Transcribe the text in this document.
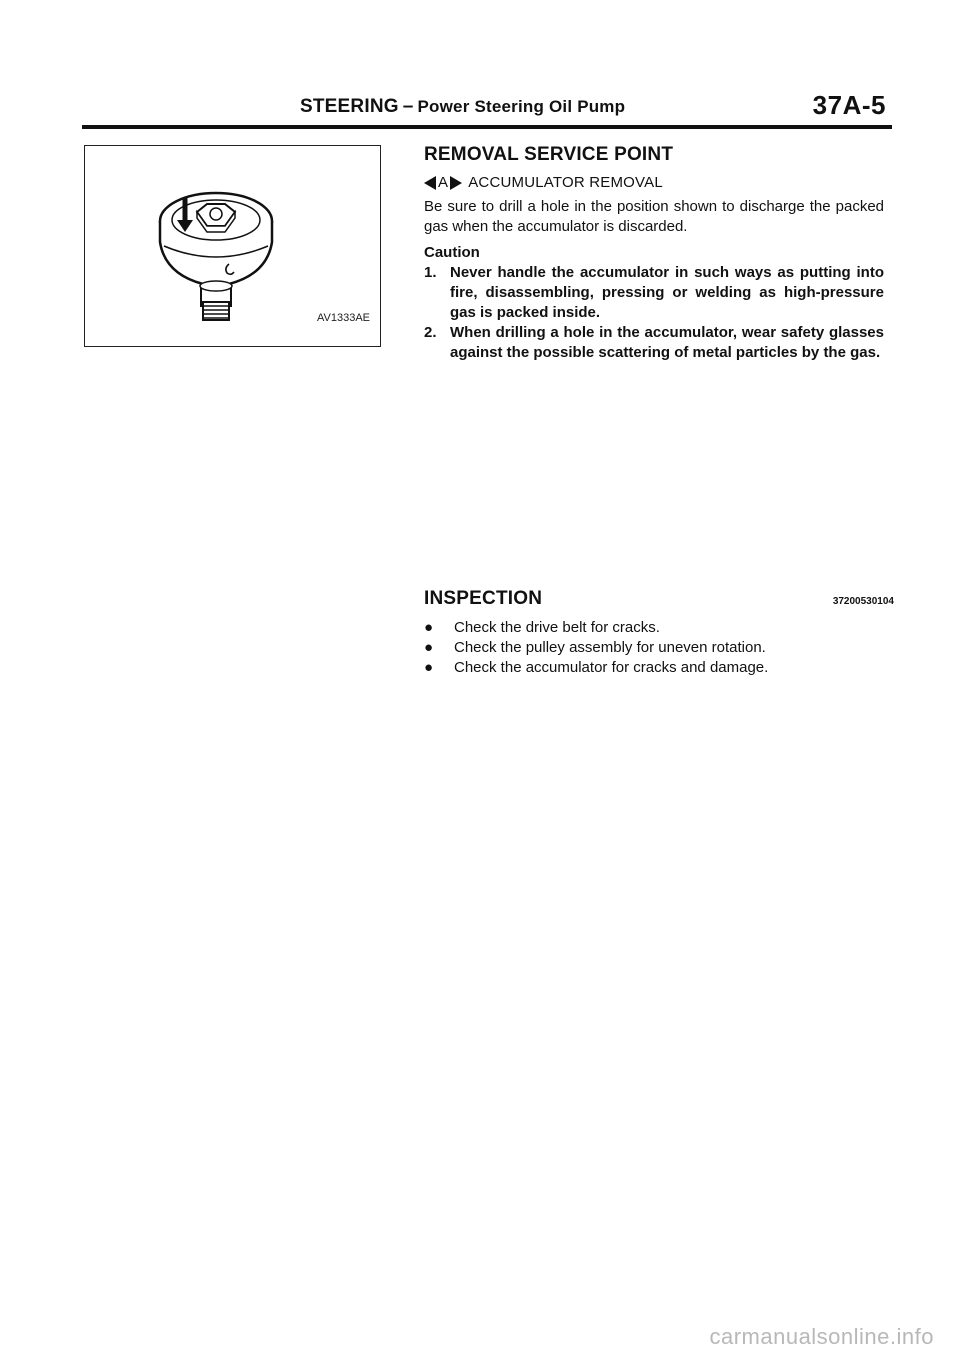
STEERING – Power Steering Oil Pump	37A-5
AV1333AE
REMOVAL SERVICE POINT
A ACCUMULATOR REMOVAL

Be sure to drill a hole in the position shown to discharge the packed gas when the accumulator is discarded.

Caution

1. Never handle the accumulator in such ways as putting into fire, disassembling, pressing or welding as high-pressure gas is packed inside.
2. When drilling a hole in the accumulator, wear safety glasses against the possible scattering of metal particles by the gas.
INSPECTION	37200530104
●	Check the drive belt for cracks.
●	Check the pulley assembly for uneven rotation.
●	Check the accumulator for cracks and damage.
carmanualsonline.info
